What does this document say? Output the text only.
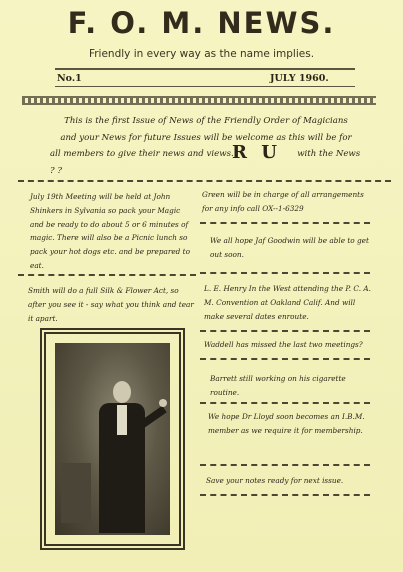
F. O. M. NEWS.
Friendly in every way as the name implies.
No.1	JULY 1960.
This is the first Issue of News of the Friendly Order of Magicians
and your News for future Issues will be welcome as this will be for
all members to give their news and views.	with the News ? ?
R U
July 19th Meeting will be held at John Shinkers in Sylvania so pack your Magic and be ready to do about 5 or 6 minutes of magic. There will also be a Picnic lunch so pack your hot dogs etc. and be prepared to eat.
Smith will do a full Silk & Flower Act, so after you see it - say what you think and tear it apart.
Green will be in charge of all arrangements for any info call OX--1-6329
We all hope Jaf Goodwin will be able to get out soon.
L. E. Henry In the West attending the P. C. A. M. Convention at Oakland Calif. And will make several dates enroute.
Waddell has missed the last two meetings?
Barrett still working on his cigarette routine.
We hope Dr Lloyd soon becomes an I.B.M. member as we require it for membership.
Save your notes ready for next issue.
